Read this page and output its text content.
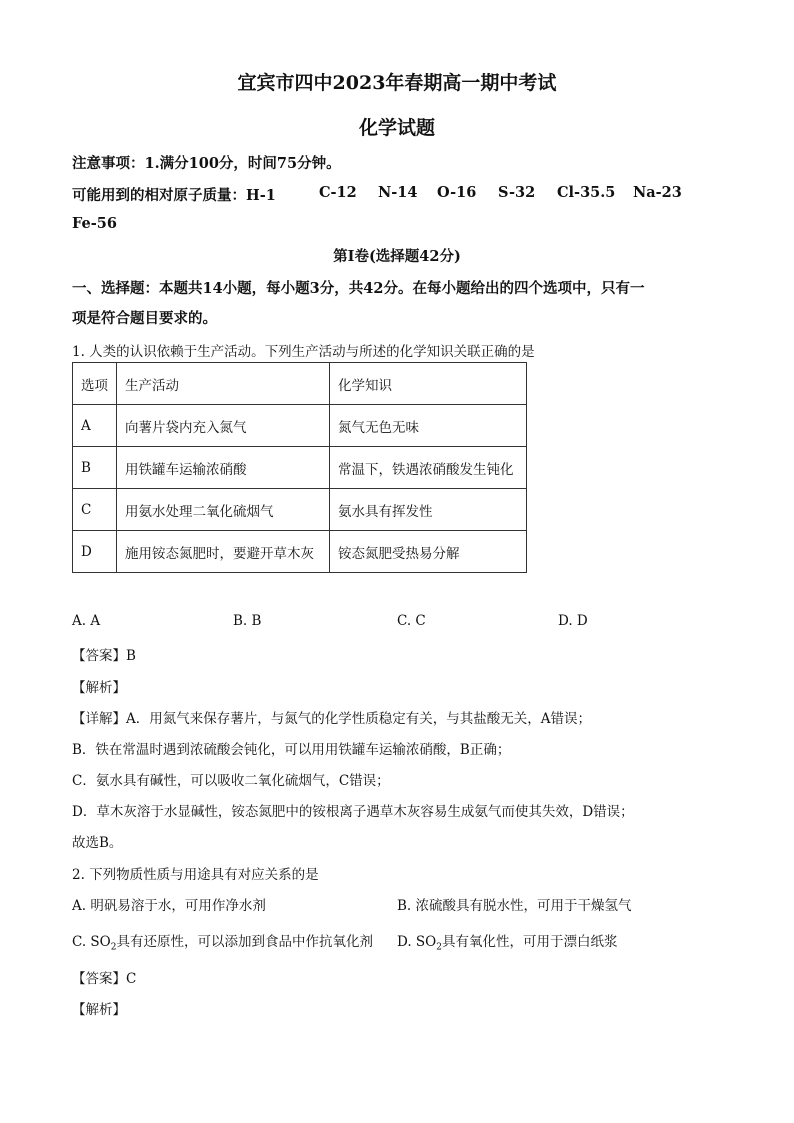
宜宾市四中2023年春期高一期中考试
化学试题
注意事项：1.满分100分，时间75分钟。
可能用到的相对原子质量：H-1	C-12 N-14 O-16 S-32 Cl-35.5 Na-23
Fe-56
第I卷(选择题42分)
一、选择题：本题共14小题，每小题3分，共42分。在每小题给出的四个选项中，只有一
项是符合题目要求的。
1. 人类的认识依赖于生产活动。下列生产活动与所述的化学知识关联正确的是
选项	生产活动	化学知识
A	向薯片袋内充入氮气	氮气无色无味
B	用铁罐车运输浓硝酸	常温下，铁遇浓硝酸发生钝化
C	用氨水处理二氧化硫烟气	氨水具有挥发性
D	施用铵态氮肥时，要避开草木灰	铵态氮肥受热易分解
A. A	B. B	C. C	D. D
【答案】B
【解析】
【详解】A．用氮气来保存薯片，与氮气的化学性质稳定有关，与其盐酸无关，A错误；
B．铁在常温时遇到浓硫酸会钝化，可以用用铁罐车运输浓硝酸，B正确；
C．氨水具有碱性，可以吸收二氧化硫烟气，C错误；
D．草木灰溶于水显碱性，铵态氮肥中的铵根离子遇草木灰容易生成氨气而使其失效，D错误；
故选B。
2. 下列物质性质与用途具有对应关系的是
A. 明矾易溶于水，可用作净水剂	B. 浓硫酸具有脱水性，可用于干燥氢气
C. $SO_2$具有还原性，可以添加到食品中作抗氧化剂 D. $SO_2$具有氧化性，可用于漂白纸浆
【答案】C
【解析】
